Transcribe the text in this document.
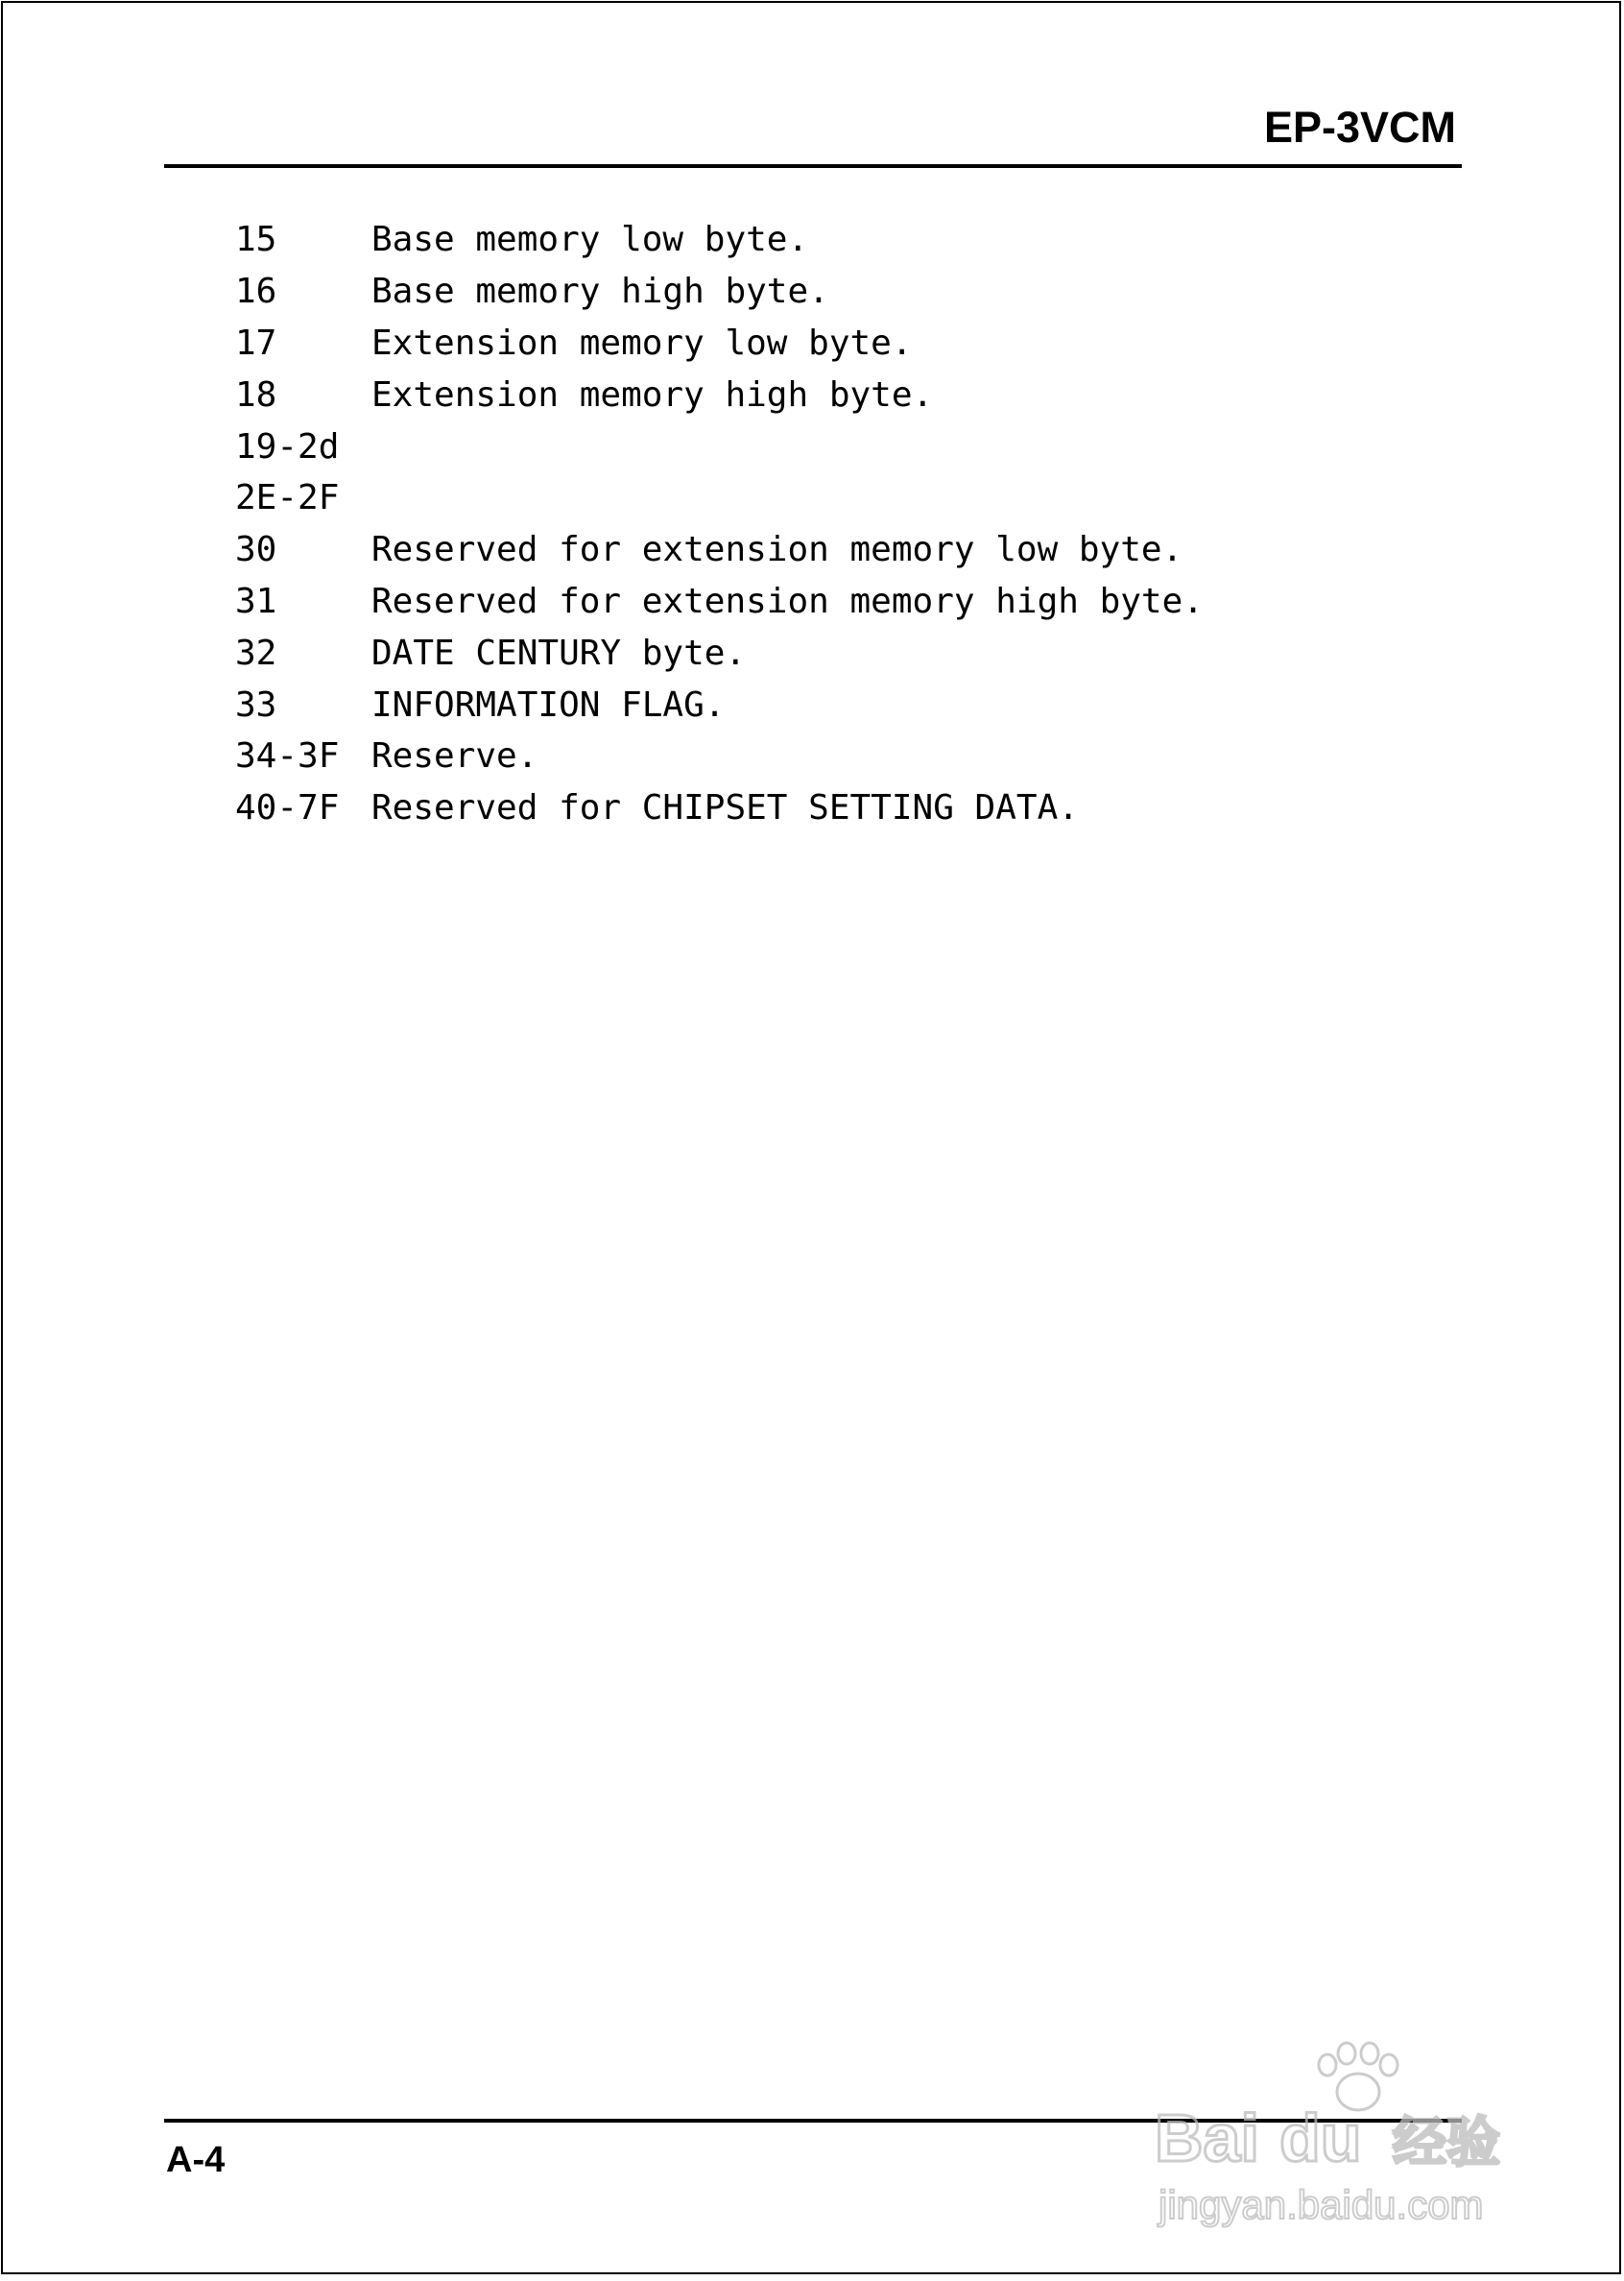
EP-3VCM
15	Base memory low byte.
16	Base memory high byte.
17	Extension memory low byte.
18	Extension memory high byte.
19-2d
2E-2F
30	Reserved for extension memory low byte.
31	Reserved for extension memory high byte.
32	DATE CENTURY byte.
33	INFORMATION FLAG.
34-3F Reserve.
40-7F Reserved for CHIPSET SETTING DATA.
A-4	Bai du 经验
jingyan.baidu.com
